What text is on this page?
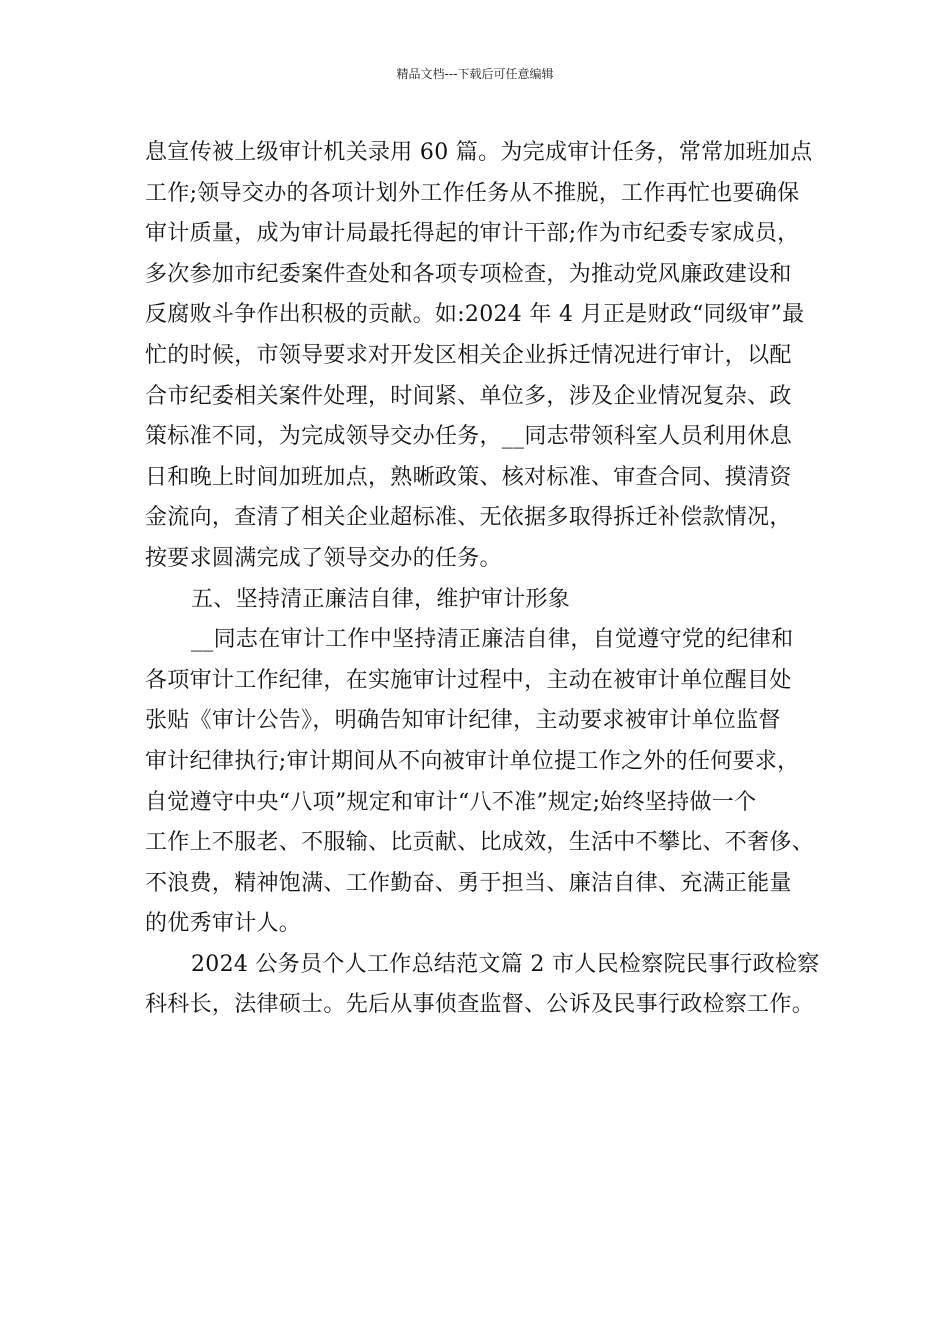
精品文档---下载后可任意编辑
息宣传被上级审计机关录用 60 篇。为完成审计任务，常常加班加点
工作;领导交办的各项计划外工作任务从不推脱，工作再忙也要确保
审计质量，成为审计局最托得起的审计干部;作为市纪委专家成员，
多次参加市纪委案件查处和各项专项检查，为推动党风廉政建设和
反腐败斗争作出积极的贡献。如:2024 年 4 月正是财政“同级审”最
忙的时候，市领导要求对开发区相关企业拆迁情况进行审计，以配
合市纪委相关案件处理，时间紧、单位多，涉及企业情况复杂、政
策标准不同，为完成领导交办任务，__同志带领科室人员利用休息
日和晚上时间加班加点，熟晰政策、核对标准、审查合同、摸清资
金流向，查清了相关企业超标准、无依据多取得拆迁补偿款情况，
按要求圆满完成了领导交办的任务。
五、坚持清正廉洁自律，维护审计形象
__同志在审计工作中坚持清正廉洁自律，自觉遵守党的纪律和
各项审计工作纪律，在实施审计过程中，主动在被审计单位醒目处
张贴《审计公告》，明确告知审计纪律，主动要求被审计单位监督
审计纪律执行;审计期间从不向被审计单位提工作之外的任何要求，
自觉遵守中央“八项”规定和审计“八不准”规定;始终坚持做一个
工作上不服老、不服输、比贡献、比成效，生活中不攀比、不奢侈、
不浪费，精神饱满、工作勤奋、勇于担当、廉洁自律、充满正能量
的优秀审计人。
2024 公务员个人工作总结范文篇 2 市人民检察院民事行政检察
科科长，法律硕士。先后从事侦查监督、公诉及民事行政检察工作。
